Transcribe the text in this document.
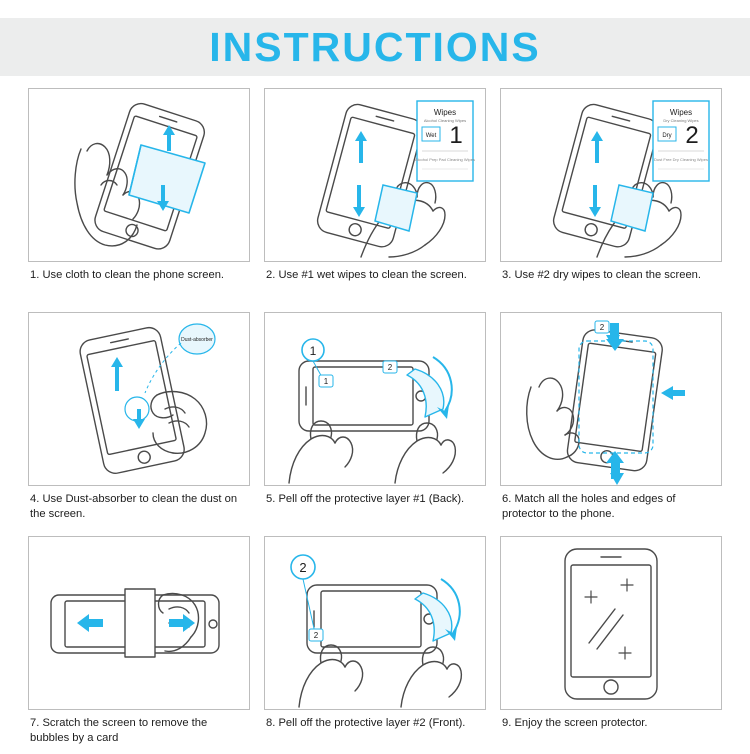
INSTRUCTIONS
1. Use cloth to clean the phone screen.
Wipes
Alcohol Cleaning Wipes
Wet 1
Alcohol Prep Pad Cleaning Wipes
2. Use #1 wet wipes to clean the screen.
Wipes
Dry Cleaning Wipes
Dry 2
Dust Free Dry Cleaning Wipes
3. Use #2 dry wipes to clean the screen.
Dust-absorber
4. Use Dust-absorber to clean the dust on the screen.
1
1
2
5. Pell off the protective layer #1 (Back).
2
6. Match all the holes and edges of protector to the phone.
7. Scratch the screen to remove the bubbles by a card
2
2
8. Pell off the protective layer #2 (Front).	9. Enjoy the screen protector.
